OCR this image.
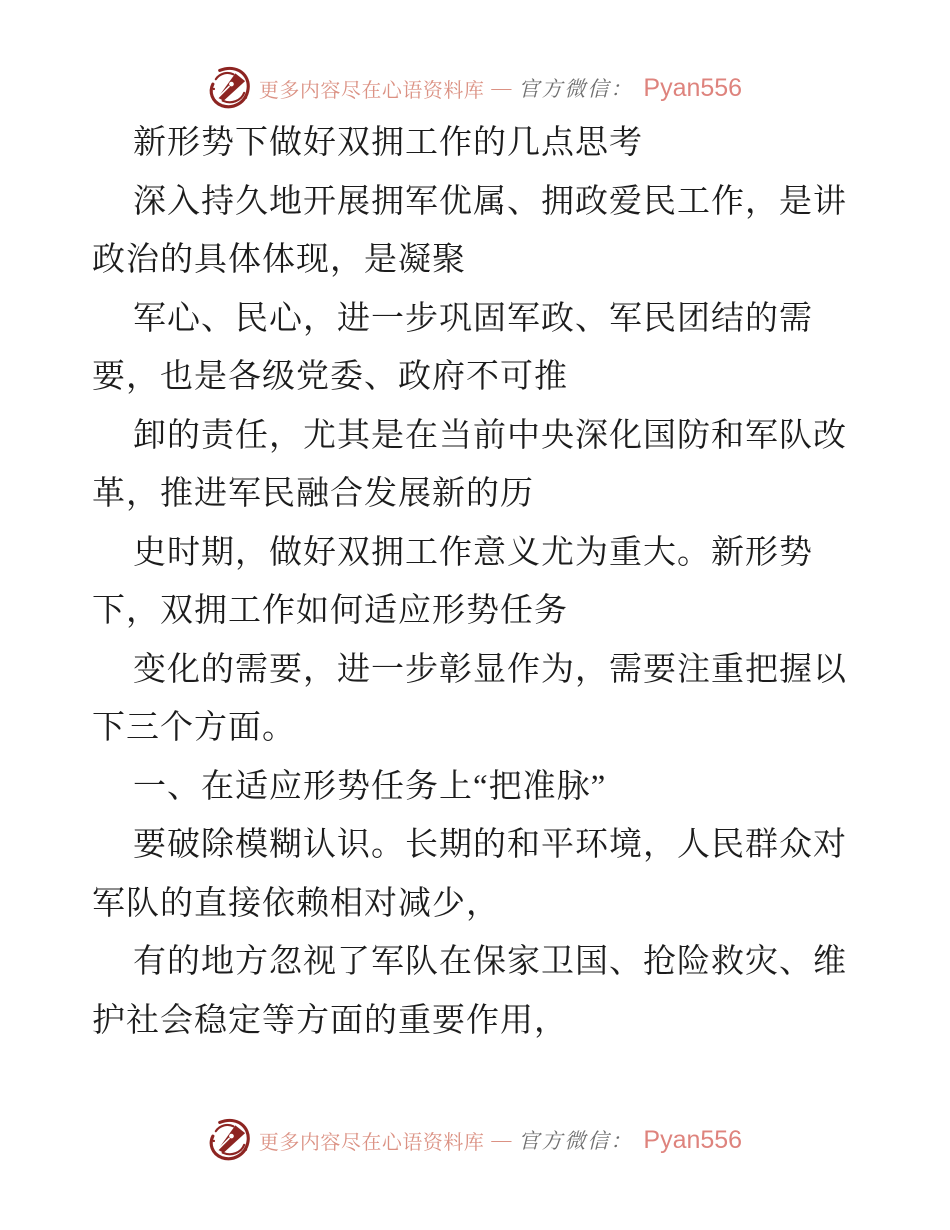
更多内容尽在心语资料库 — 官方微信： Pyan556
新形势下做好双拥工作的几点思考
深入持久地开展拥军优属、拥政爱民工作，是讲
政治的具体体现，是凝聚
军心、民心，进一步巩固军政、军民团结的需
要，也是各级党委、政府不可推
卸的责任，尤其是在当前中央深化国防和军队改
革，推进军民融合发展新的历
史时期，做好双拥工作意义尤为重大。新形势
下，双拥工作如何适应形势任务
变化的需要，进一步彰显作为，需要注重把握以
下三个方面。
一、在适应形势任务上“把准脉”
要破除模糊认识。长期的和平环境，人民群众对
军队的直接依赖相对减少，
有的地方忽视了军队在保家卫国、抢险救灾、维
护社会稳定等方面的重要作用，
更多内容尽在心语资料库 — 官方微信： Pyan556
